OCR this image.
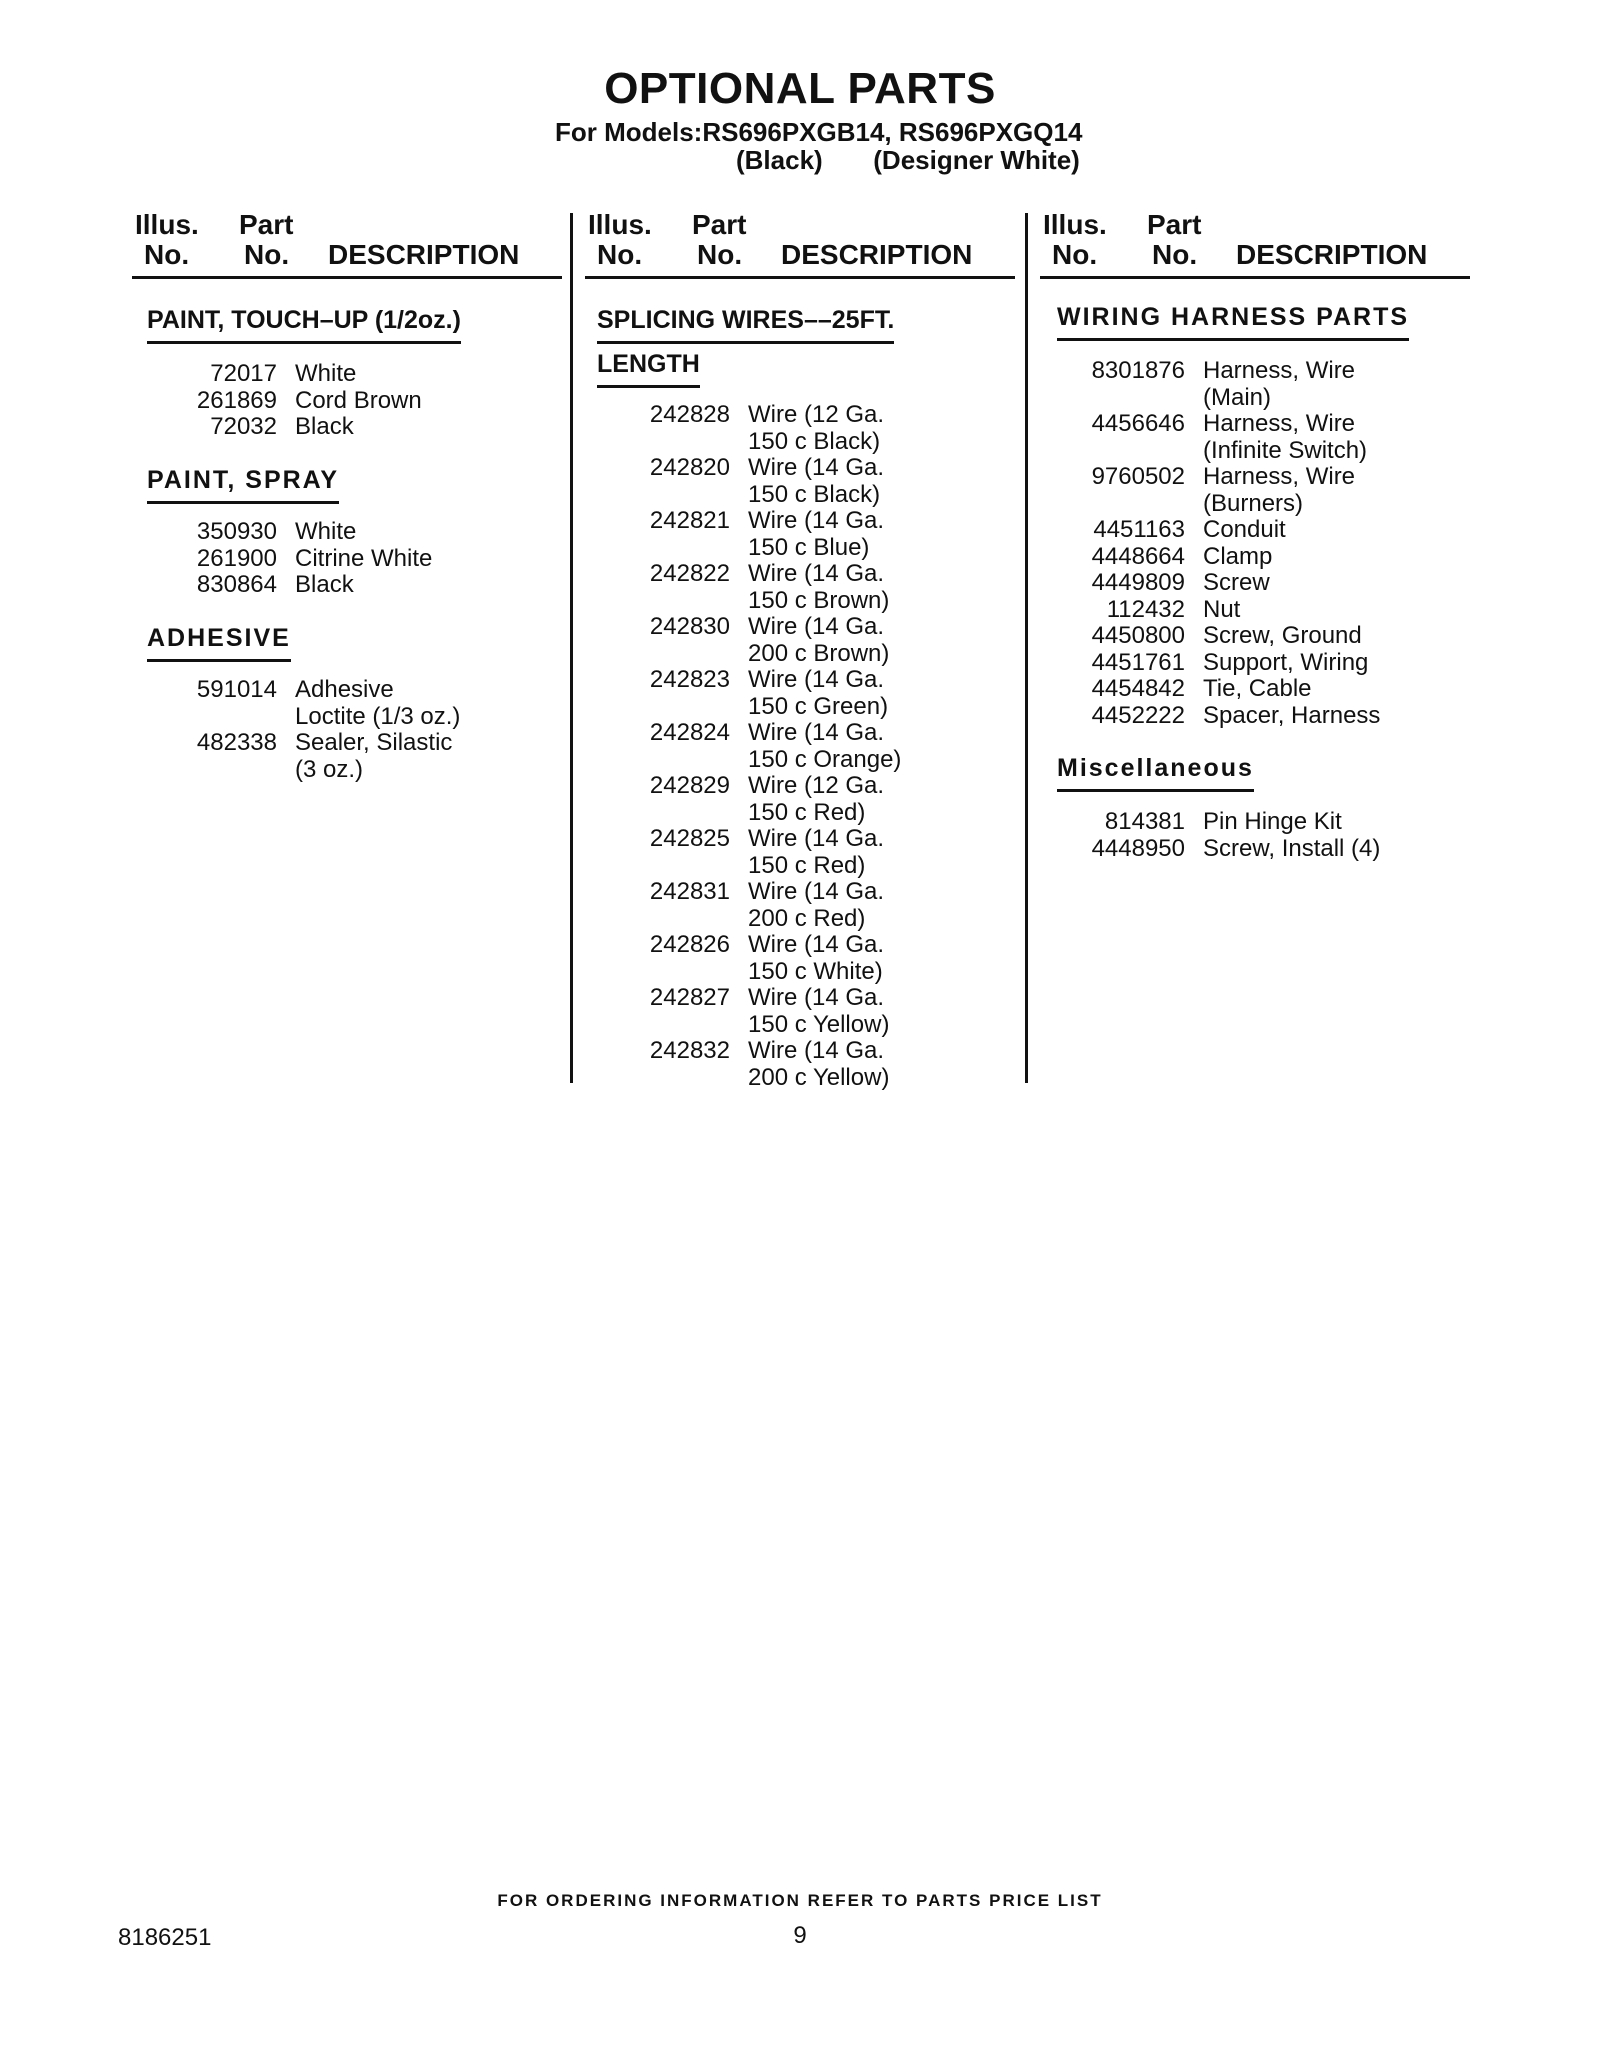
OPTIONAL PARTS
For Models:RS696PXGB14, RS696PXGQ14
(Black)       (Designer White)
Illus.
No.
Part
No. DESCRIPTION
PAINT, TOUCH–UP (1/2oz.)
72017 White
261869 Cord Brown
72032 Black
PAINT, SPRAY
350930 White
261900 Citrine White
830864 Black
ADHESIVE
591014 Adhesive
Loctite (1/3 oz.)
482338 Sealer, Silastic
(3 oz.)
Illus.
No.
Part
No. DESCRIPTION
SPLICING WIRES––25FT.
LENGTH
242828 Wire (12 Ga.
150 c Black)
242820 Wire (14 Ga.
150 c Black)
242821 Wire (14 Ga.
150 c Blue)
242822 Wire (14 Ga.
150 c Brown)
242830 Wire (14 Ga.
200 c Brown)
242823 Wire (14 Ga.
150 c Green)
242824 Wire (14 Ga.
150 c Orange)
242829 Wire (12 Ga.
150 c Red)
242825 Wire (14 Ga.
150 c Red)
242831 Wire (14 Ga.
200 c Red)
242826 Wire (14 Ga.
150 c White)
242827 Wire (14 Ga.
150 c Yellow)
242832 Wire (14 Ga.
200 c Yellow)
Illus.
No.
Part
No. DESCRIPTION
WIRING HARNESS PARTS
8301876 Harness, Wire
(Main)
4456646 Harness, Wire
(Infinite Switch)
9760502 Harness, Wire
(Burners)
4451163 Conduit
4448664 Clamp
4449809 Screw
112432 Nut
4450800 Screw, Ground
4451761 Support, Wiring
4454842 Tie, Cable
4452222 Spacer, Harness
Miscellaneous
814381 Pin Hinge Kit
4448950 Screw, Install (4)
FOR ORDERING INFORMATION REFER TO PARTS PRICE LIST
8186251	9
